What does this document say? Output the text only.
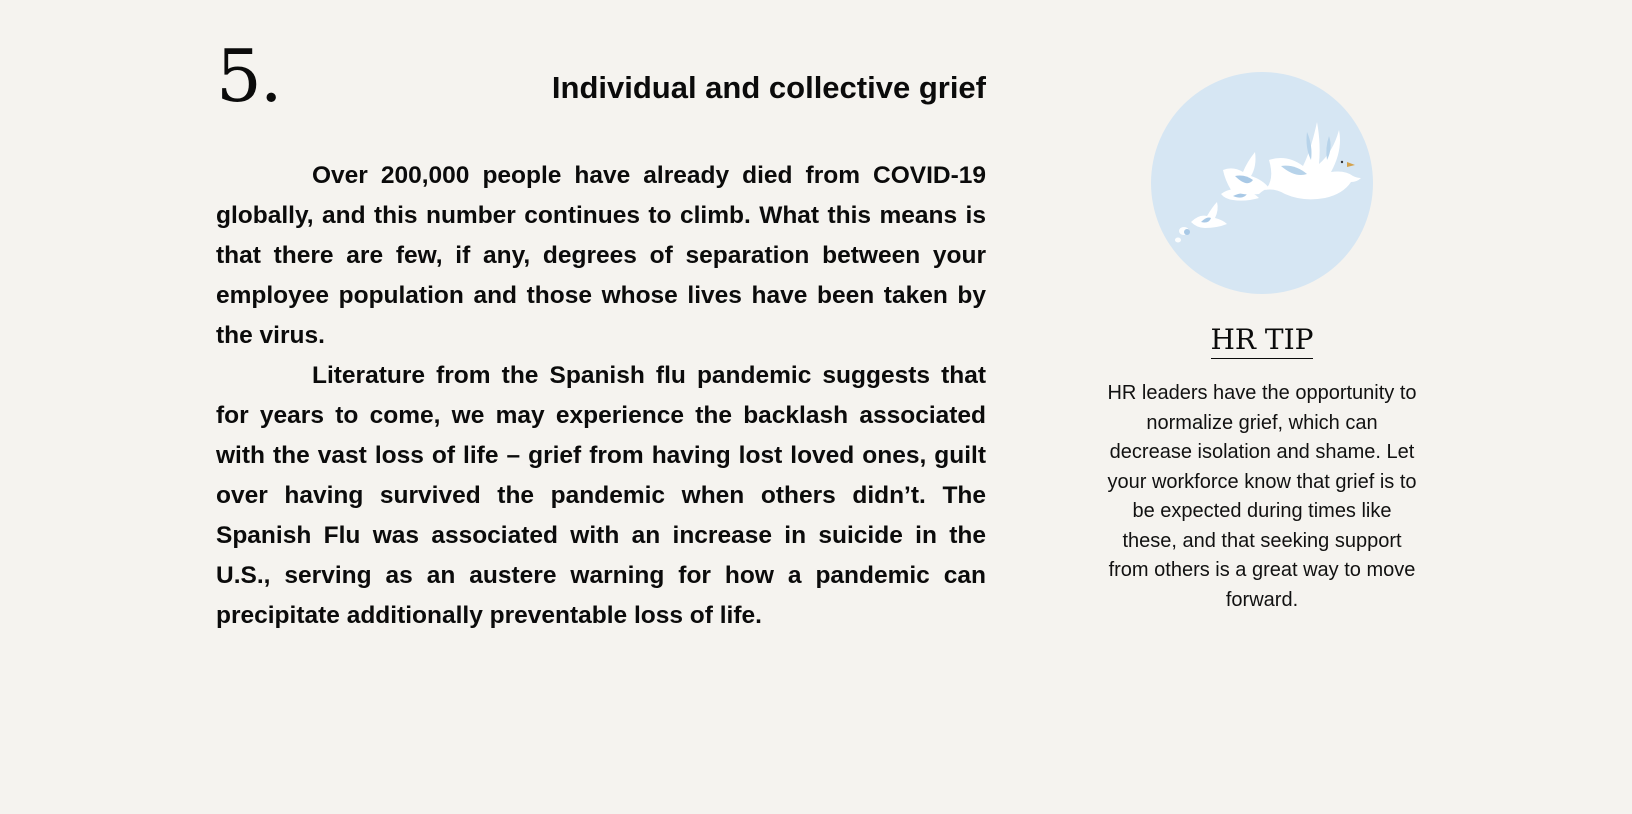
5.	Individual and collective grief

Over 200,000 people have already died from COVID-19 globally, and this number continues to climb. What this means is that there are few, if any, degrees of separation between your employee population and those whose lives have been taken by the virus.

Literature from the Spanish flu pandemic suggests that for years to come, we may experience the backlash associated with the vast loss of life – grief from having lost loved ones, guilt over having survived the pandemic when others didn’t. The Spanish Flu was associated with an increase in suicide in the U.S., serving as an austere warning for how a pandemic can precipitate additionally preventable loss of life.

HR TIP
HR leaders have the opportunity to normalize grief, which can decrease isolation and shame. Let your workforce know that grief is to be expected during times like these, and that seeking support from others is a great way to move forward.
